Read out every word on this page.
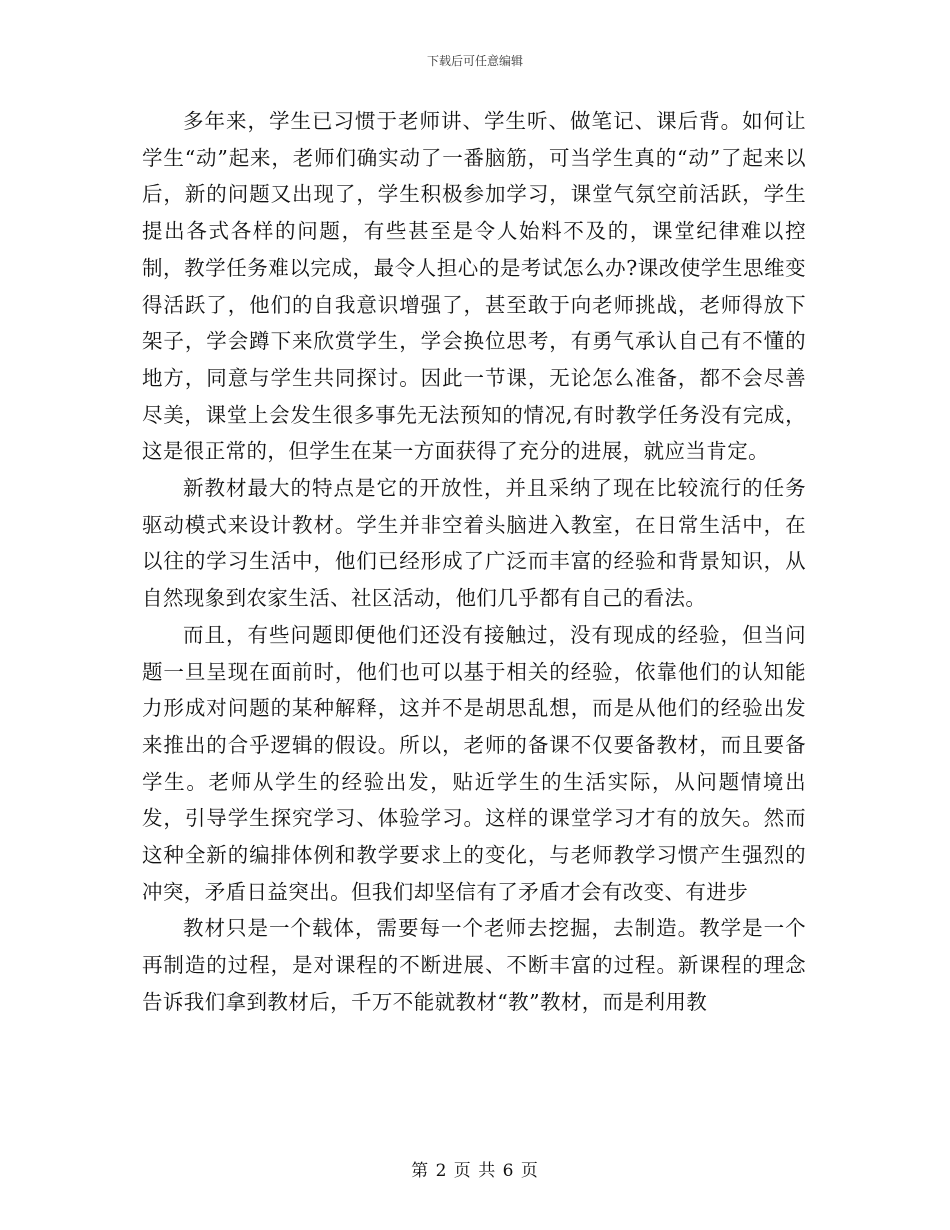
下载后可任意编辑

多年来，学生已习惯于老师讲、学生听、做笔记、课后背。如何让学生“动”起来，老师们确实动了一番脑筋，可当学生真的“动”了起来以后，新的问题又出现了，学生积极参加学习，课堂气氛空前活跃，学生提出各式各样的问题，有些甚至是令人始料不及的，课堂纪律难以控制，教学任务难以完成，最令人担心的是考试怎么办?课改使学生思维变得活跃了，他们的自我意识增强了，甚至敢于向老师挑战，老师得放下架子，学会蹲下来欣赏学生，学会换位思考，有勇气承认自己有不懂的地方，同意与学生共同探讨。因此一节课，无论怎么准备，都不会尽善尽美，课堂上会发生很多事先无法预知的情况,有时教学任务没有完成，这是很正常的，但学生在某一方面获得了充分的进展，就应当肯定。

新教材最大的特点是它的开放性，并且采纳了现在比较流行的任务驱动模式来设计教材。学生并非空着头脑进入教室，在日常生活中，在以往的学习生活中，他们已经形成了广泛而丰富的经验和背景知识，从自然现象到农家生活、社区活动，他们几乎都有自己的看法。

而且，有些问题即便他们还没有接触过，没有现成的经验，但当问题一旦呈现在面前时，他们也可以基于相关的经验，依靠他们的认知能力形成对问题的某种解释，这并不是胡思乱想，而是从他们的经验出发来推出的合乎逻辑的假设。所以，老师的备课不仅要备教材，而且要备学生。老师从学生的经验出发，贴近学生的生活实际，从问题情境出发，引导学生探究学习、体验学习。这样的课堂学习才有的放矢。然而这种全新的编排体例和教学要求上的变化，与老师教学习惯产生强烈的冲突，矛盾日益突出。但我们却坚信有了矛盾才会有改变、有进步

教材只是一个载体，需要每一个老师去挖掘，去制造。教学是一个再制造的过程，是对课程的不断进展、不断丰富的过程。新课程的理念告诉我们拿到教材后，千万不能就教材“教”教材，而是利用教

第 2 页 共 6 页
